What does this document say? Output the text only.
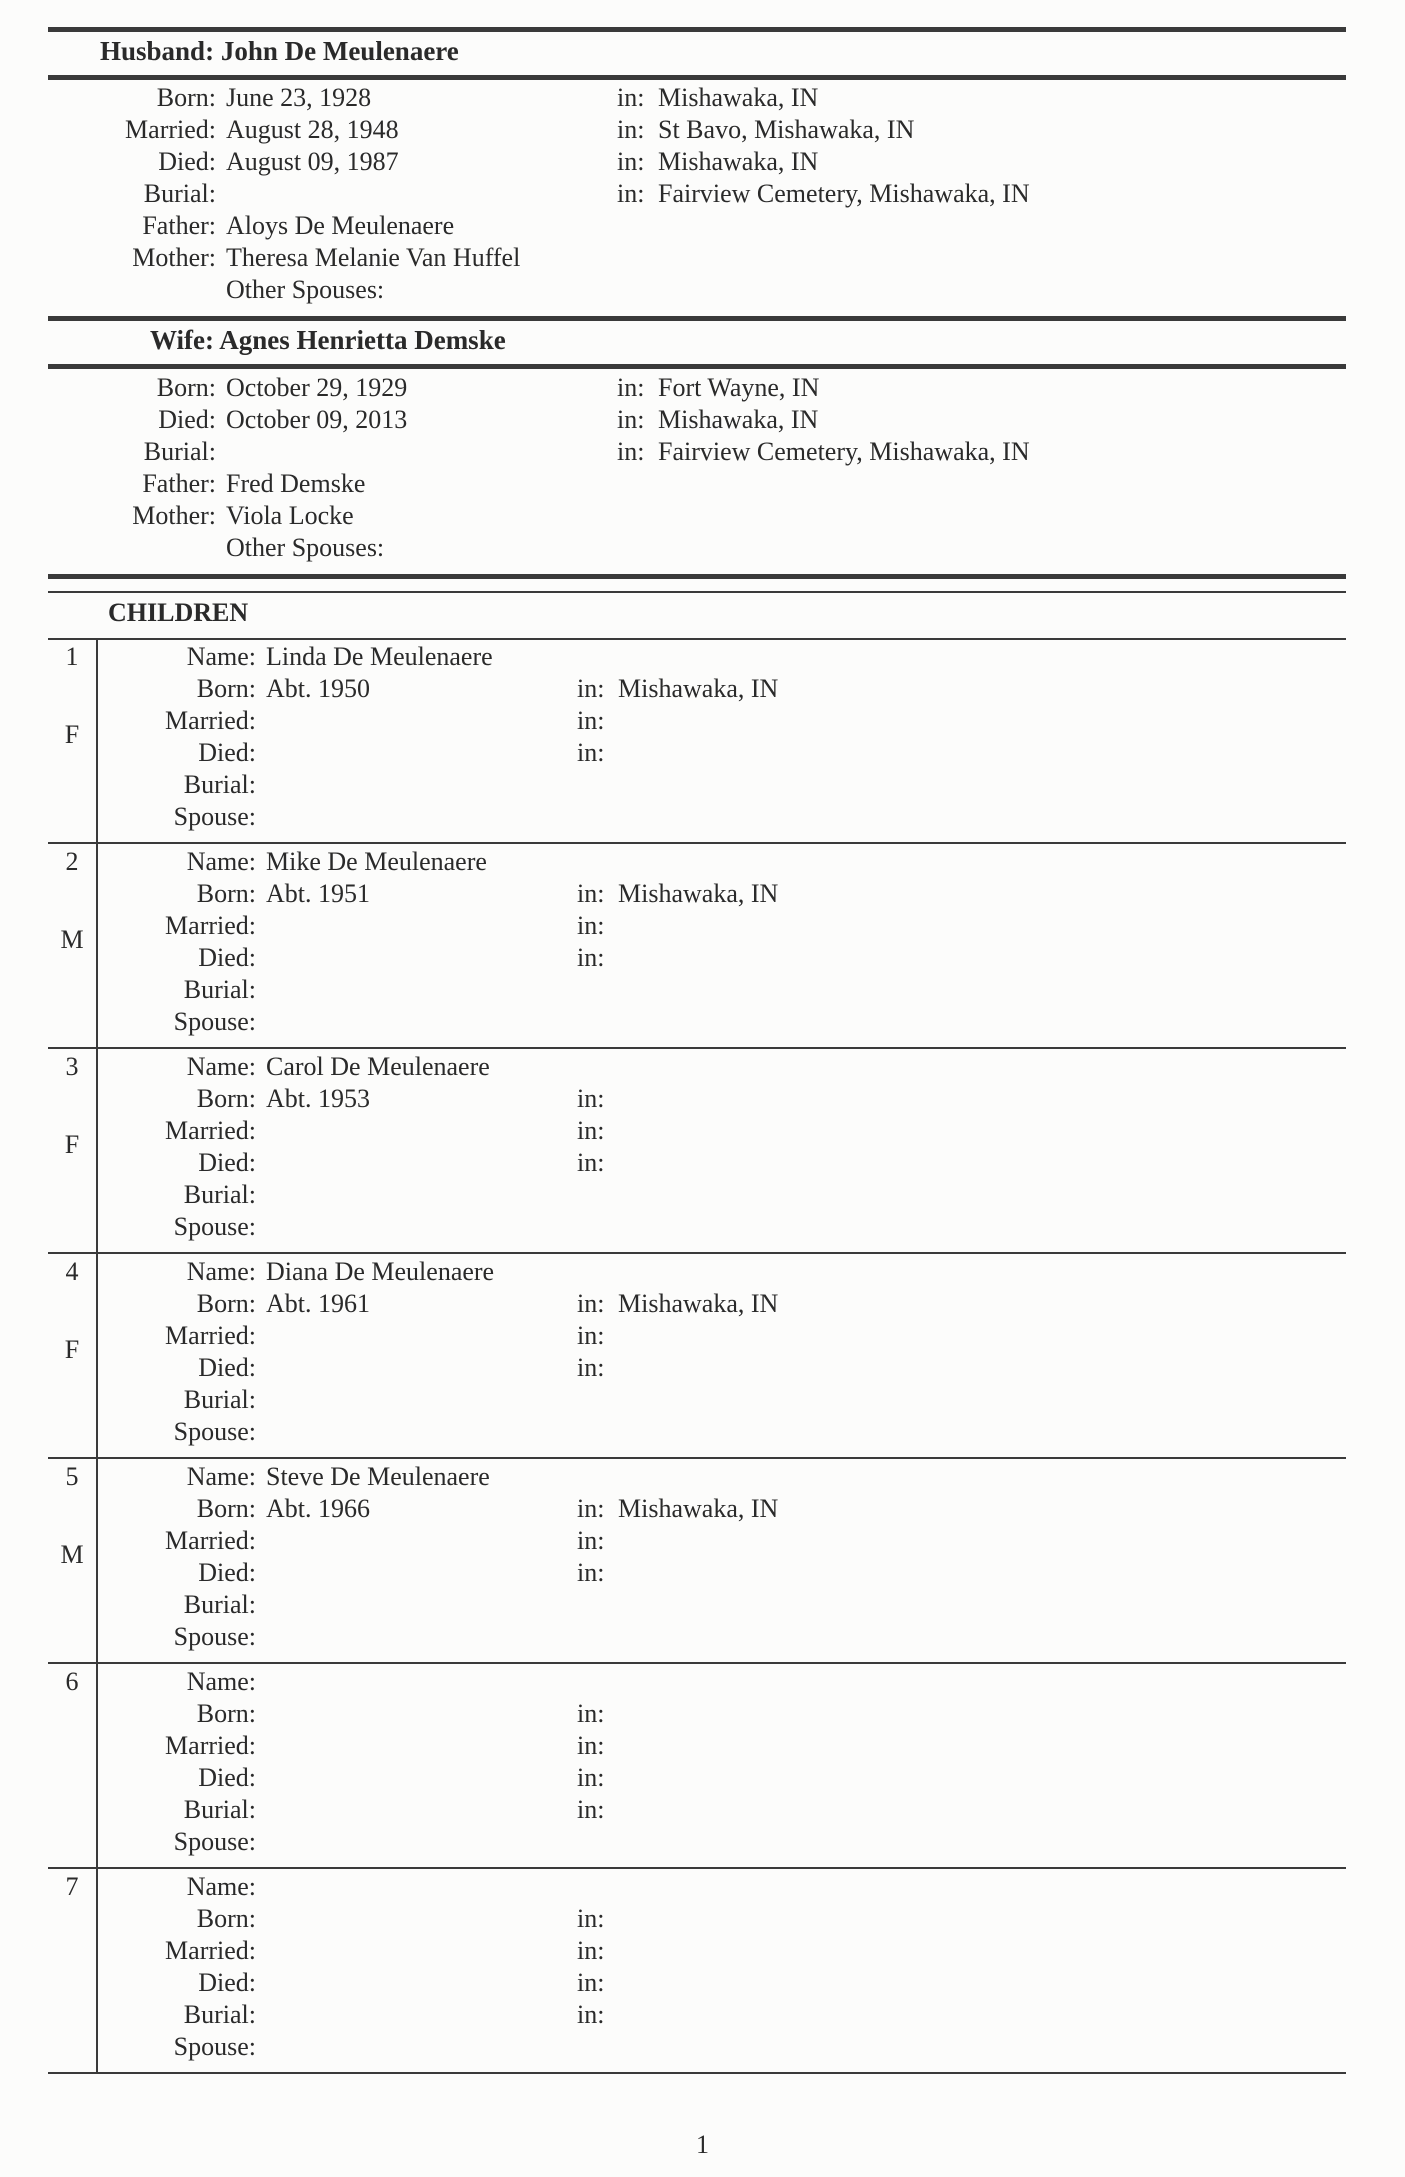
Husband: John De Meulenaere
Born: June 23, 1928	in: Mishawaka, IN
Married: August 28, 1948	in: St Bavo, Mishawaka, IN
Died: August 09, 1987	in: Mishawaka, IN
Burial:	in: Fairview Cemetery, Mishawaka, IN
Father: Aloys De Meulenaere
Mother: Theresa Melanie Van Huffel
Other Spouses:
Wife: Agnes Henrietta Demske
Born: October 29, 1929	in: Fort Wayne, IN
Died: October 09, 2013	in: Mishawaka, IN
Burial:	in: Fairview Cemetery, Mishawaka, IN
Father: Fred Demske
Mother: Viola Locke
Other Spouses:
CHILDREN
1
F
Name: Linda De Meulenaere
Born: Abt. 1950	in: Mishawaka, IN
Married:	in:
Died:	in:
Burial:
Spouse:
2
M
Name: Mike De Meulenaere
Born: Abt. 1951	in: Mishawaka, IN
Married:	in:
Died:	in:
Burial:
Spouse:
3
F
Name: Carol De Meulenaere
Born: Abt. 1953	in:
Married:	in:
Died:	in:
Burial:
Spouse:
4
F
Name: Diana De Meulenaere
Born: Abt. 1961	in: Mishawaka, IN
Married:	in:
Died:	in:
Burial:
Spouse:
5
M
Name: Steve De Meulenaere
Born: Abt. 1966	in: Mishawaka, IN
Married:	in:
Died:	in:
Burial:
Spouse:
6	Name:
Born:	in:
Married:	in:
Died:	in:
Burial:	in:
Spouse:
7	Name:
Born:	in:
Married:	in:
Died:	in:
Burial:	in:
Spouse:
1
